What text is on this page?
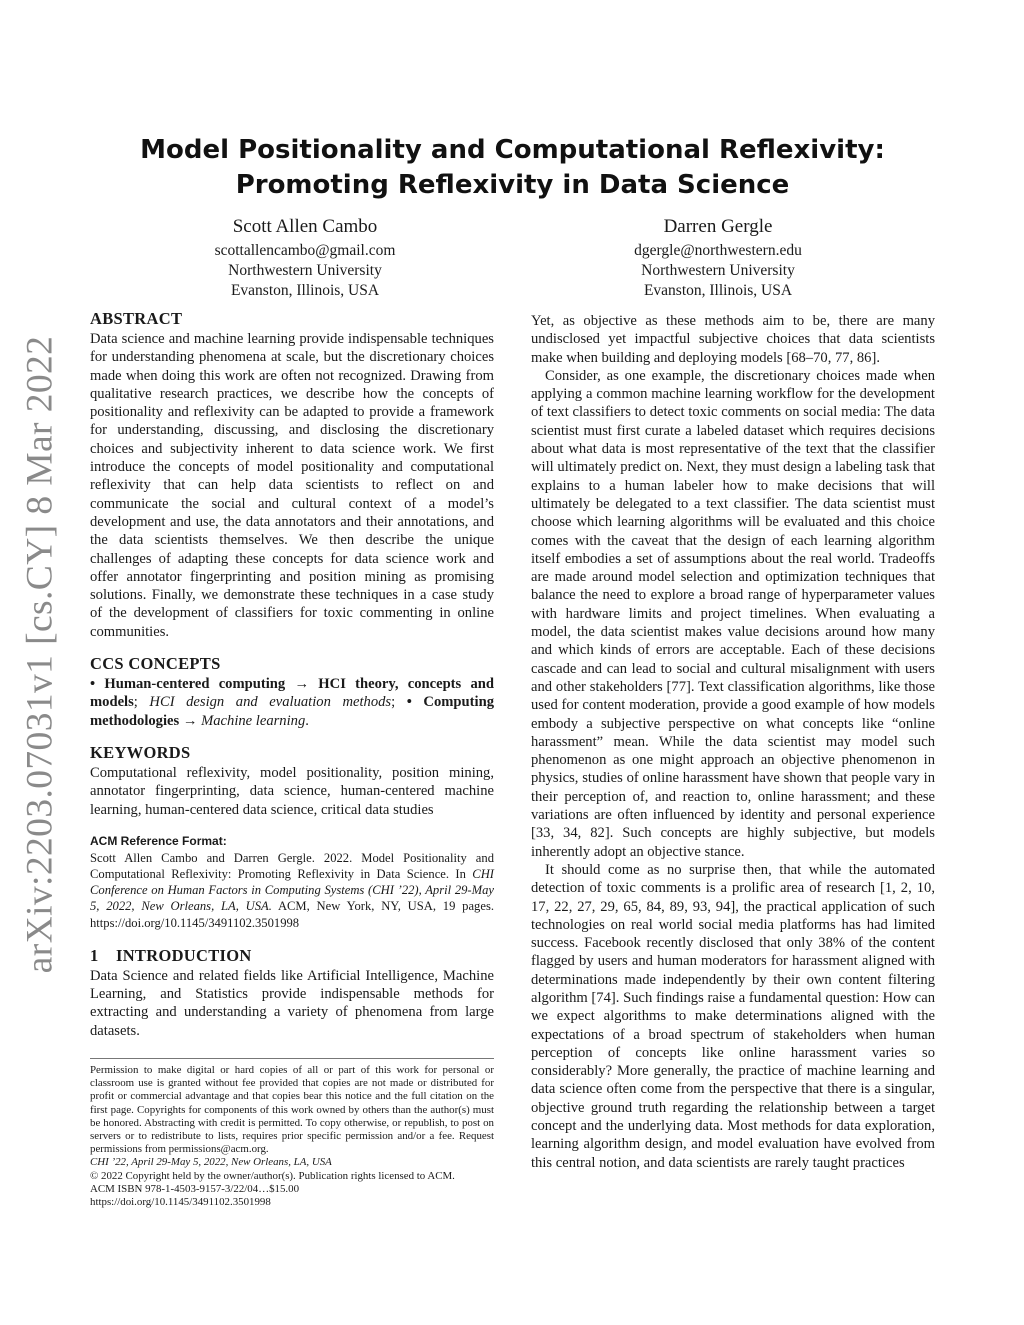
arXiv:2203.07031v1 [cs.CY] 8 Mar 2022
Model Positionality and Computational Reflexivity: Promoting Reflexivity in Data Science
Scott Allen Cambo
scottallencambo@gmail.com
Northwestern University
Evanston, Illinois, USA
Darren Gergle
dgergle@northwestern.edu
Northwestern University
Evanston, Illinois, USA
ABSTRACT

Data science and machine learning provide indispensable techniques for understanding phenomena at scale, but the discretionary choices made when doing this work are often not recognized. Drawing from qualitative research practices, we describe how the concepts of positionality and reflexivity can be adapted to provide a framework for understanding, discussing, and disclosing the discretionary choices and subjectivity inherent to data science work. We first introduce the concepts of model positionality and computational reflexivity that can help data scientists to reflect on and communicate the social and cultural context of a model’s development and use, the data annotators and their annotations, and the data scientists themselves. We then describe the unique challenges of adapting these concepts for data science work and offer annotator fingerprinting and position mining as promising solutions. Finally, we demonstrate these techniques in a case study of the development of classifiers for toxic commenting in online communities.

CCS CONCEPTS

• Human-centered computing → HCI theory, concepts and models; HCI design and evaluation methods; • Computing methodologies → Machine learning.

KEYWORDS

Computational reflexivity, model positionality, position mining, annotator fingerprinting, data science, human-centered machine learning, human-centered data science, critical data studies

ACM Reference Format:

Scott Allen Cambo and Darren Gergle. 2022. Model Positionality and Computational Reflexivity: Promoting Reflexivity in Data Science. In CHI Conference on Human Factors in Computing Systems (CHI ’22), April 29-May 5, 2022, New Orleans, LA, USA. ACM, New York, NY, USA, 19 pages. https://doi.org/10.1145/3491102.3501998

1 INTRODUCTION

Data Science and related fields like Artificial Intelligence, Machine Learning, and Statistics provide indispensable methods for extracting and understanding a variety of phenomena from large datasets.

Permission to make digital or hard copies of all or part of this work for personal or classroom use is granted without fee provided that copies are not made or distributed for profit or commercial advantage and that copies bear this notice and the full citation on the first page. Copyrights for components of this work owned by others than the author(s) must be honored. Abstracting with credit is permitted. To copy otherwise, or republish, to post on servers or to redistribute to lists, requires prior specific permission and/or a fee. Request permissions from permissions@acm.org.

CHI ’22, April 29-May 5, 2022, New Orleans, LA, USA
© 2022 Copyright held by the owner/author(s). Publication rights licensed to ACM.
ACM ISBN 978-1-4503-9157-3/22/04…$15.00
https://doi.org/10.1145/3491102.3501998

Yet, as objective as these methods aim to be, there are many undisclosed yet impactful subjective choices that data scientists make when building and deploying models [68–70, 77, 86].

Consider, as one example, the discretionary choices made when applying a common machine learning workflow for the development of text classifiers to detect toxic comments on social media: The data scientist must first curate a labeled dataset which requires decisions about what data is most representative of the text that the classifier will ultimately predict on. Next, they must design a labeling task that explains to a human labeler how to make decisions that will ultimately be delegated to a text classifier. The data scientist must choose which learning algorithms will be evaluated and this choice comes with the caveat that the design of each learning algorithm itself embodies a set of assumptions about the real world. Tradeoffs are made around model selection and optimization techniques that balance the need to explore a broad range of hyperparameter values with hardware limits and project timelines. When evaluating a model, the data scientist makes value decisions around how many and which kinds of errors are acceptable. Each of these decisions cascade and can lead to social and cultural misalignment with users and other stakeholders [77]. Text classification algorithms, like those used for content moderation, provide a good example of how models embody a subjective perspective on what concepts like “online harassment” mean. While the data scientist may model such phenomenon as one might approach an objective phenomenon in physics, studies of online harassment have shown that people vary in their perception of, and reaction to, online harassment; and these variations are often influenced by identity and personal experience [33, 34, 82]. Such concepts are highly subjective, but models inherently adopt an objective stance.

It should come as no surprise then, that while the automated detection of toxic comments is a prolific area of research [1, 2, 10, 17, 22, 27, 29, 65, 84, 89, 93, 94], the practical application of such technologies on real world social media platforms has had limited success. Facebook recently disclosed that only 38% of the content flagged by users and human moderators for harassment aligned with determinations made independently by their own content filtering algorithm [74]. Such findings raise a fundamental question: How can we expect algorithms to make determinations aligned with the expectations of a broad spectrum of stakeholders when human perception of concepts like online harassment varies so considerably? More generally, the practice of machine learning and data science often come from the perspective that there is a singular, objective ground truth regarding the relationship between a target concept and the underlying data. Most methods for data exploration, learning algorithm design, and model evaluation have evolved from this central notion, and data scientists are rarely taught practices
